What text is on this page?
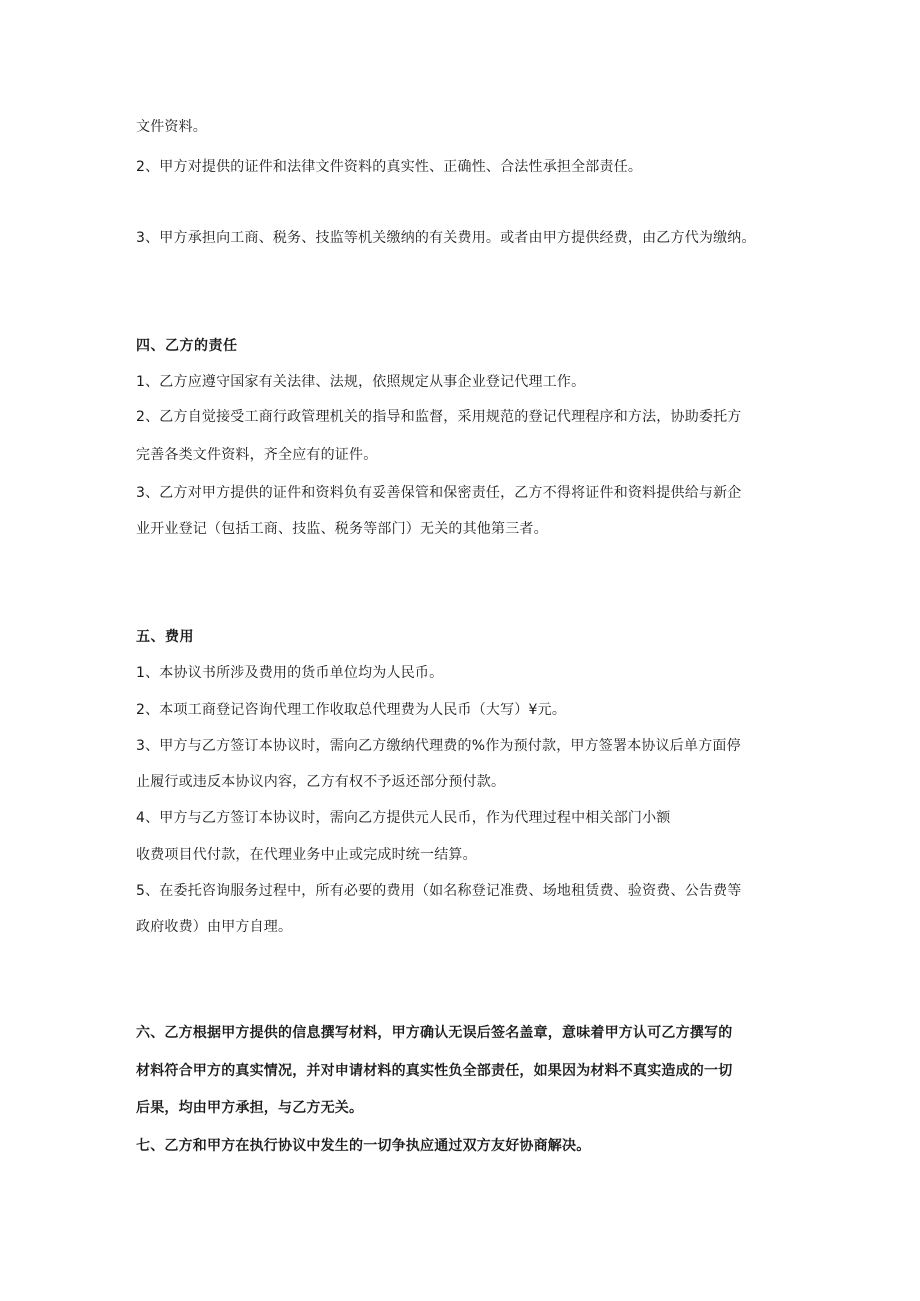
文件资料。
2、甲方对提供的证件和法律文件资料的真实性、正确性、合法性承担全部责任。
3、甲方承担向工商、税务、技监等机关缴纳的有关费用。或者由甲方提供经费，由乙方代为缴纳。
四、乙方的责任
1、乙方应遵守国家有关法律、法规，依照规定从事企业登记代理工作。
2、乙方自觉接受工商行政管理机关的指导和监督，采用规范的登记代理程序和方法，协助委托方
完善各类文件资料，齐全应有的证件。
3、乙方对甲方提供的证件和资料负有妥善保管和保密责任，乙方不得将证件和资料提供给与新企
业开业登记（包括工商、技监、税务等部门）无关的其他第三者。
五、费用
1、本协议书所涉及费用的货币单位均为人民币。
2、本项工商登记咨询代理工作收取总代理费为人民币（大写）¥元。
3、甲方与乙方签订本协议时，需向乙方缴纳代理费的%作为预付款，甲方签署本协议后单方面停
止履行或违反本协议内容，乙方有权不予返还部分预付款。
4、甲方与乙方签订本协议时，需向乙方提供元人民币，作为代理过程中相关部门小额
收费项目代付款，在代理业务中止或完成时统一结算。
5、在委托咨询服务过程中，所有必要的费用（如名称登记准费、场地租赁费、验资费、公告费等
政府收费）由甲方自理。
六、乙方根据甲方提供的信息撰写材料，甲方确认无误后签名盖章，意味着甲方认可乙方撰写的
材料符合甲方的真实情况，并对申请材料的真实性负全部责任，如果因为材料不真实造成的一切
后果，均由甲方承担，与乙方无关。
七、乙方和甲方在执行协议中发生的一切争执应通过双方友好协商解决。
